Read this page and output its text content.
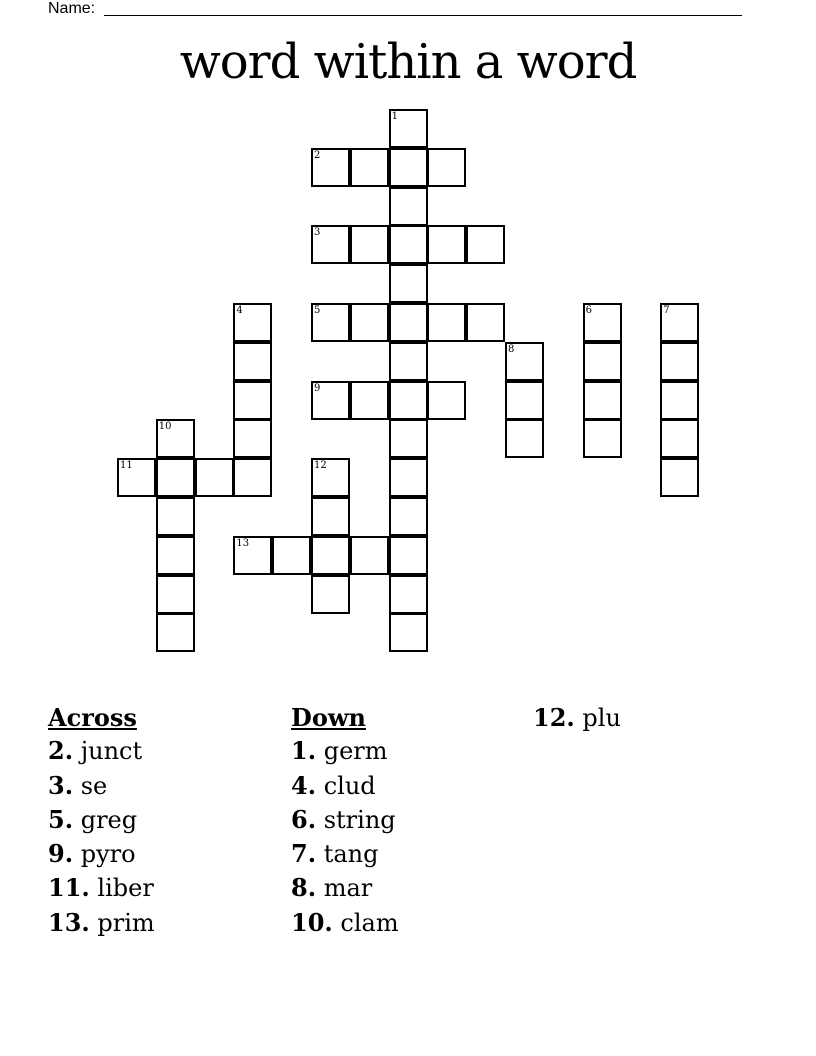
Name:
word within a word
1
2
3
4	5	6	7
8
9
10
11	12
13
Across
2. junct
3. se
5. greg
9. pyro
11. liber
13. prim
Down
1. germ
4. clud
6. string
7. tang
8. mar
10. clam
12. plu
